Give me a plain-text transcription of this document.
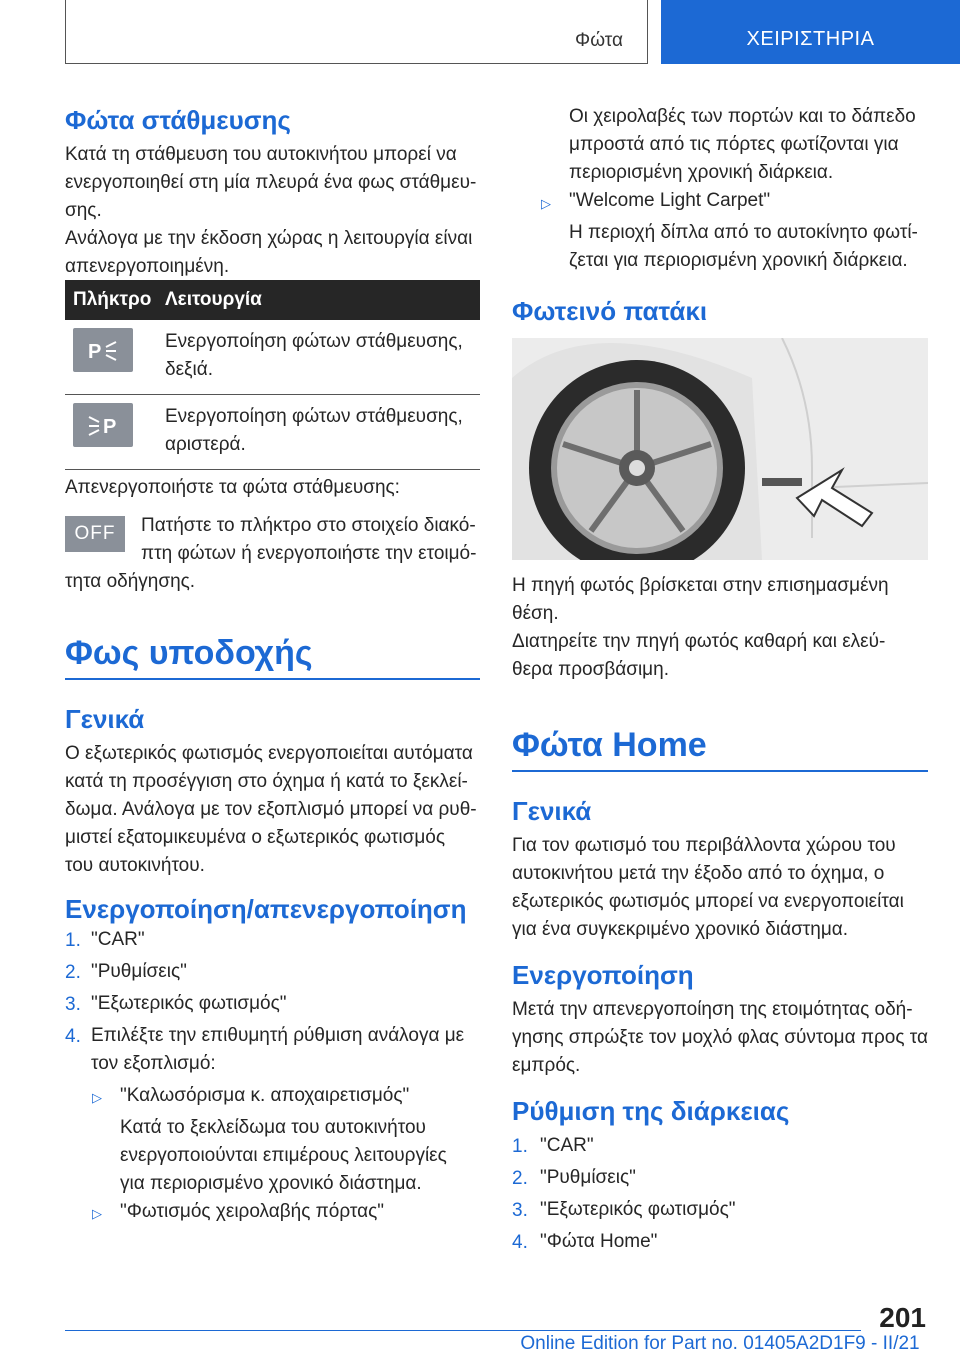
Φώτα	ΧΕΙΡΙΣΤΗΡΙΑ
Φώτα στάθμευσης

Κατά τη στάθμευση του αυτοκινήτου μπορεί να

ενεργοποιηθεί στη μία πλευρά ένα φως στάθμευ‐

σης.

Ανάλογα με την έκδοση χώρας η λειτουργία είναι

απενεργοποιημένη.

Πλήκτρο	Λειτουργία

P	Ενεργοποίηση φώτων στάθμευσης,
δεξιά.

P	Ενεργοποίηση φώτων στάθμευσης,
αριστερά.

Απενεργοποιήστε τα φώτα στάθμευσης:

OFF	Πατήστε το πλήκτρο στο στοιχείο διακό‐

πτη φώτων ή ενεργοποιήστε την ετοιμό‐

τητα οδήγησης.

Φως υποδοχής
Γενικά

Ο εξωτερικός φωτισμός ενεργοποιείται αυτόματα

κατά τη προσέγγιση στο όχημα ή κατά το ξεκλεί‐

δωμα. Ανάλογα με τον εξοπλισμό μπορεί να ρυθ‐

μιστεί εξατομικευμένα ο εξωτερικός φωτισμός

του αυτοκινήτου.

Ενεργοποίηση/απενεργοποίηση
1. "CAR"

2. "Ρυθμίσεις"

3. "Εξωτερικός φωτισμός"

4. Επιλέξτε την επιθυμητή ρύθμιση ανάλογα με

τον εξοπλισμό:

▷ "Καλωσόρισμα κ. αποχαιρετισμός"

Κατά το ξεκλείδωμα του αυτοκινήτου

ενεργοποιούνται επιμέρους λειτουργίες

για περιορισμένο χρονικό διάστημα.

▷ "Φωτισμός χειρολαβής πόρτας"

Οι χειρολαβές των πορτών και το δάπεδο

μπροστά από τις πόρτες φωτίζονται για

περιορισμένη χρονική διάρκεια.

▷ "Welcome Light Carpet"

Η περιοχή δίπλα από το αυτοκίνητο φωτί‐

ζεται για περιορισμένη χρονική διάρκεια.

Φωτεινό πατάκι

Η πηγή φωτός βρίσκεται στην επισημασμένη

θέση.

Διατηρείτε την πηγή φωτός καθαρή και ελεύ‐

θερα προσβάσιμη.

Φώτα Home
Γενικά

Για τον φωτισμό του περιβάλλοντα χώρου του

αυτοκινήτου μετά την έξοδο από το όχημα, ο

εξωτερικός φωτισμός μπορεί να ενεργοποιείται

για ένα συγκεκριμένο χρονικό διάστημα.

Ενεργοποίηση

Μετά την απενεργοποίηση της ετοιμότητας οδή‐

γησης σπρώξτε τον μοχλό φλας σύντομα προς τα

εμπρός.

Ρύθμιση της διάρκειας
1. "CAR"

2. "Ρυθμίσεις"

3. "Εξωτερικός φωτισμός"

4. "Φώτα Home"

201
Online Edition for Part no. 01405A2D1F9 - II/21
